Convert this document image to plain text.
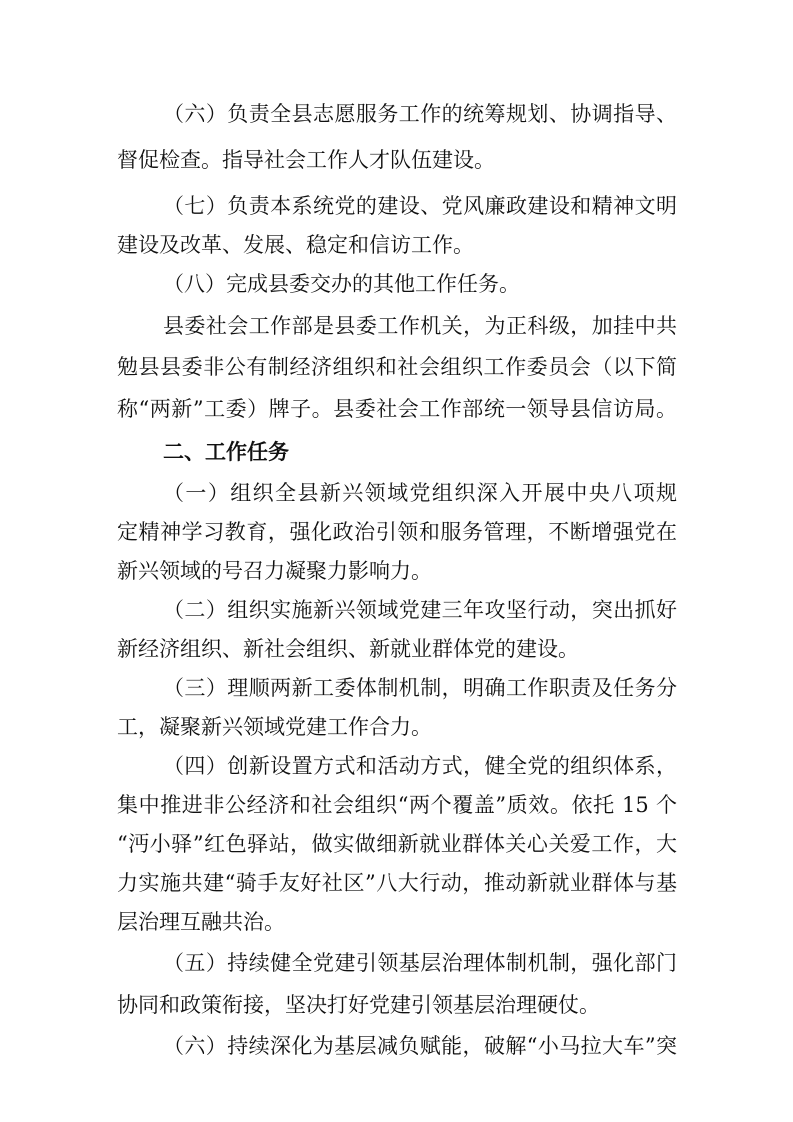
（六）负责全县志愿服务工作的统筹规划、协调指导、
督促检查。指导社会工作人才队伍建设。
（七）负责本系统党的建设、党风廉政建设和精神文明
建设及改革、发展、稳定和信访工作。
（八）完成县委交办的其他工作任务。
县委社会工作部是县委工作机关，为正科级，加挂中共
勉县县委非公有制经济组织和社会组织工作委员会（以下简
称“两新”工委）牌子。县委社会工作部统一领导县信访局。
二、工作任务
（一）组织全县新兴领域党组织深入开展中央八项规
定精神学习教育，强化政治引领和服务管理，不断增强党在
新兴领域的号召力凝聚力影响力。
（二）组织实施新兴领域党建三年攻坚行动，突出抓好
新经济组织、新社会组织、新就业群体党的建设。
（三）理顺两新工委体制机制，明确工作职责及任务分
工，凝聚新兴领域党建工作合力。
（四）创新设置方式和活动方式，健全党的组织体系，
集中推进非公经济和社会组织“两个覆盖”质效。依托 15 个
“沔小驿”红色驿站，做实做细新就业群体关心关爱工作，大
力实施共建“骑手友好社区”八大行动，推动新就业群体与基
层治理互融共治。
（五）持续健全党建引领基层治理体制机制，强化部门
协同和政策衔接，坚决打好党建引领基层治理硬仗。
（六）持续深化为基层减负赋能，破解“小马拉大车”突
